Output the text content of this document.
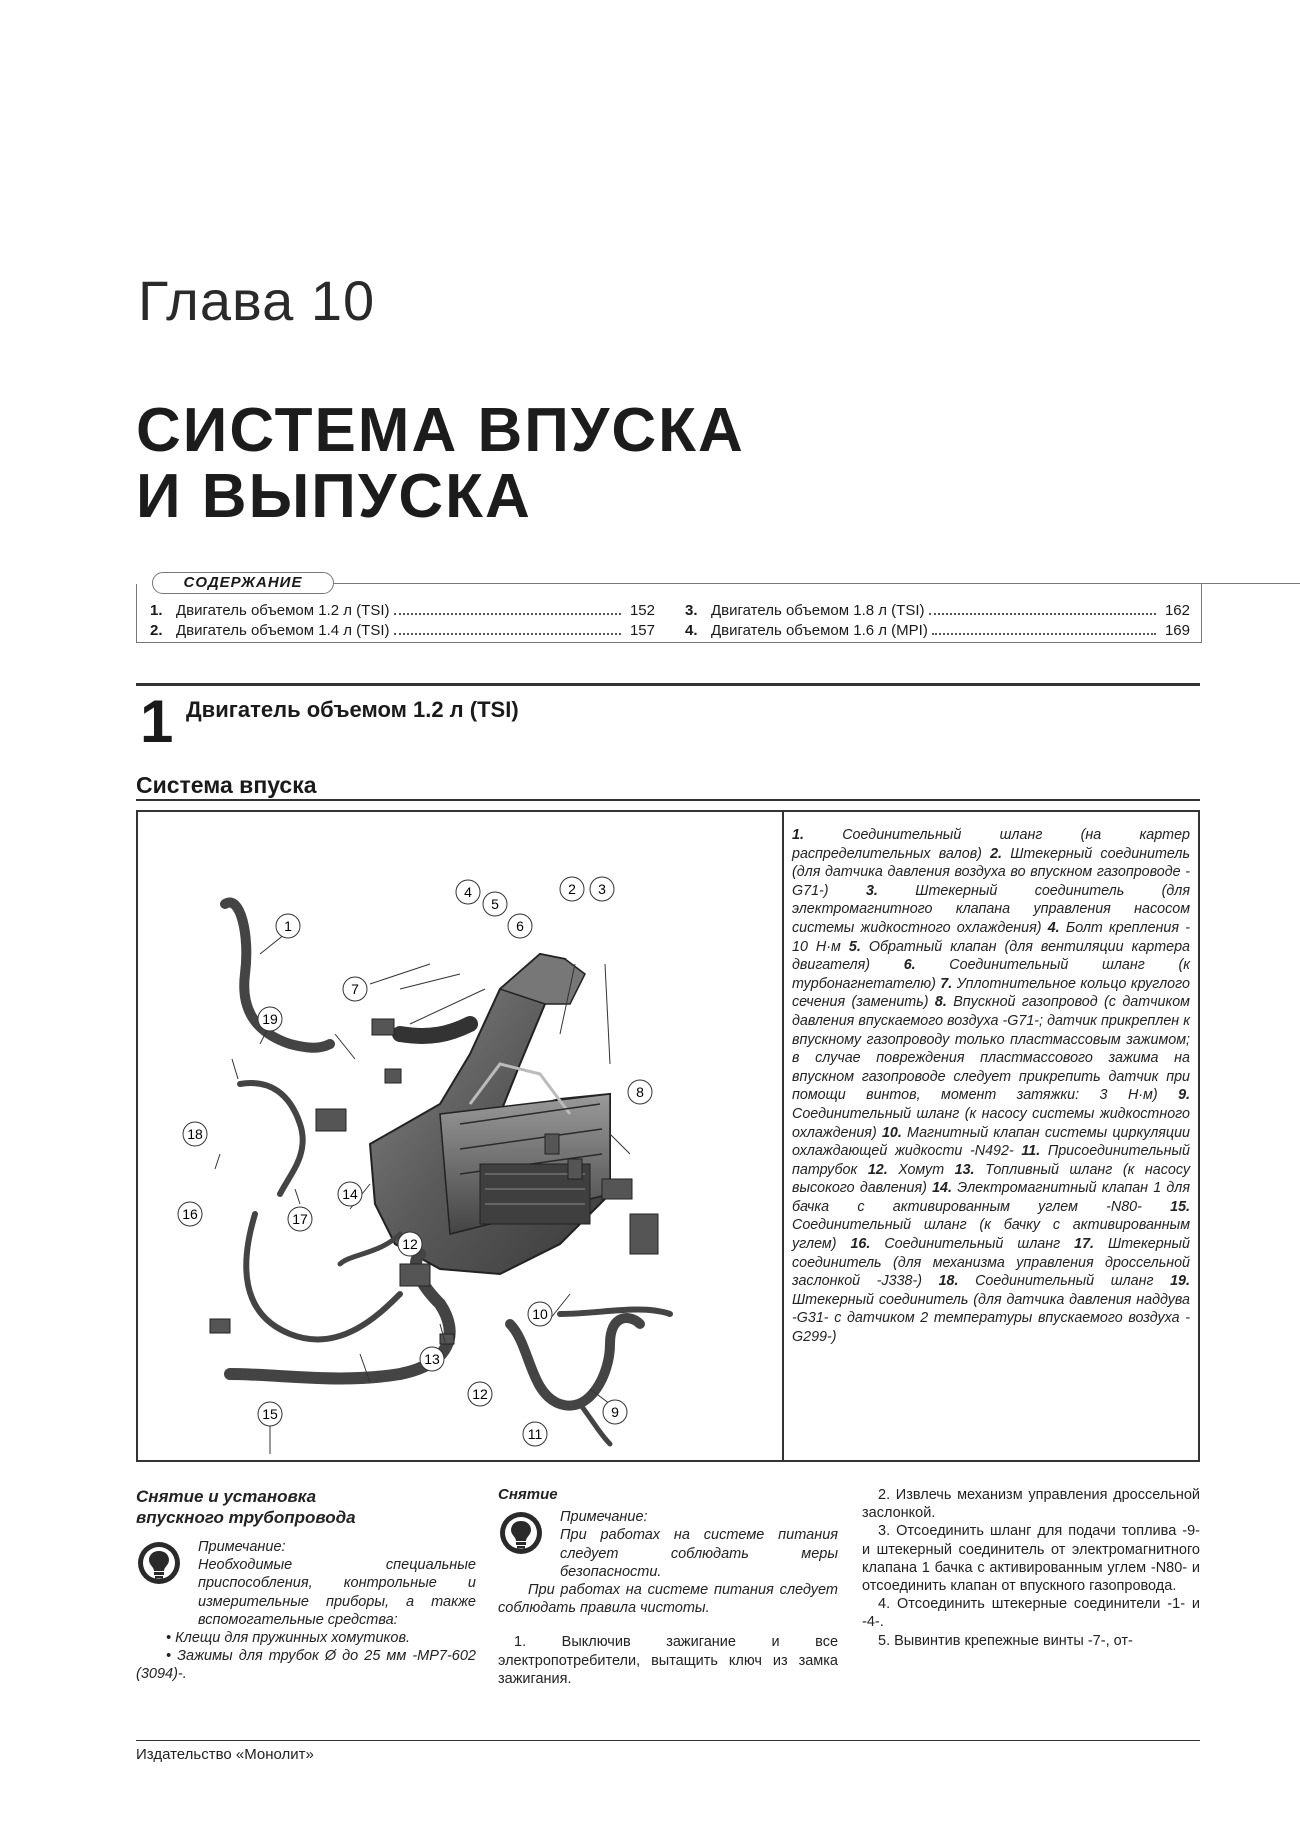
Глава 10
СИСТЕМА ВПУСКА
И ВЫПУСКА
СОДЕРЖАНИЕ
1. Двигатель объемом 1.2 л (TSI)	152
2. Двигатель объемом 1.4 л (TSI)	157
3. Двигатель объемом 1.8 л (TSI)	162
4. Двигатель объемом 1.6 л (MPI)	169
1 Двигатель объемом 1.2 л (TSI)
Система впуска
1
2 3
4
5
6
7
8
9
10
11
12
12
13
14
15
16	17
18
19
1.	Соединительный шланг (на картер распределительных валов) 2. Штекерный соединитель (для датчика давления воздуха во впускном газопроводе -G71-)	3.	Штекерный соединитель (для электромагнитного клапана управления насосом системы жидкостного охлаждения) 4. Болт крепления - 10 Н·м 5. Обратный клапан (для вентиляции картера двигателя) 6. Соединительный шланг (к турбонагнетателю) 7. Уплотнительное кольцо круглого сечения (заменить) 8. Впускной газопровод (с датчиком давления впускаемого воздуха -G71-; датчик прикреплен к впускному газопроводу только пластмассовым зажимом; в случае повреждения пластмассового зажима на впускном газопроводе следует прикрепить датчик при помощи винтов, момент затяжки: 3 Н·м) 9. Соединительный шланг (к насосу системы жидкостного охлаждения) 10. Магнитный клапан системы циркуляции охлаждающей жидкости -N492- 11. Присоединительный патрубок 12. Хомут 13. Топливный шланг (к насосу высокого давления) 14. Электромагнитный клапан 1 для бачка с активированным углем -N80- 15. Соединительный шланг (к бачку с активированным углем) 16. Соединительный шланг 17. Штекерный соединитель (для механизма управления дроссельной заслонкой -J338-) 18. Соединительный шланг 19. Штекерный соединитель (для датчика давления наддува -G31- с датчиком 2 температуры впускаемого воздуха -G299-)
Снятие и установка
впускного трубопровода
Примечание:
Необходимые специальные приспособления, контрольные и измерительные приборы, а также вспомогательные средства:
• Клещи для пружинных хомутиков.
• Зажимы для трубок Ø до 25 мм -MP7-602 (3094)-.
Снятие
Примечание:
При работах на системе питания следует соблюдать меры безопасности.
При работах на системе питания следует соблюдать правила чистоты.

1. Выключив зажигание и все электропотребители, вытащить ключ из замка зажигания.

2. Извлечь механизм управления дроссельной заслонкой.

3. Отсоединить шланг для подачи топлива -9- и штекерный соединитель от электромагнитного клапана 1 бачка с активированным углем -N80- и отсоединить клапан от впускного газопровода.

4. Отсоединить штекерные соединители -1- и -4-.

5. Вывинтив крепежные винты -7-, от-

Издательство «Монолит»
